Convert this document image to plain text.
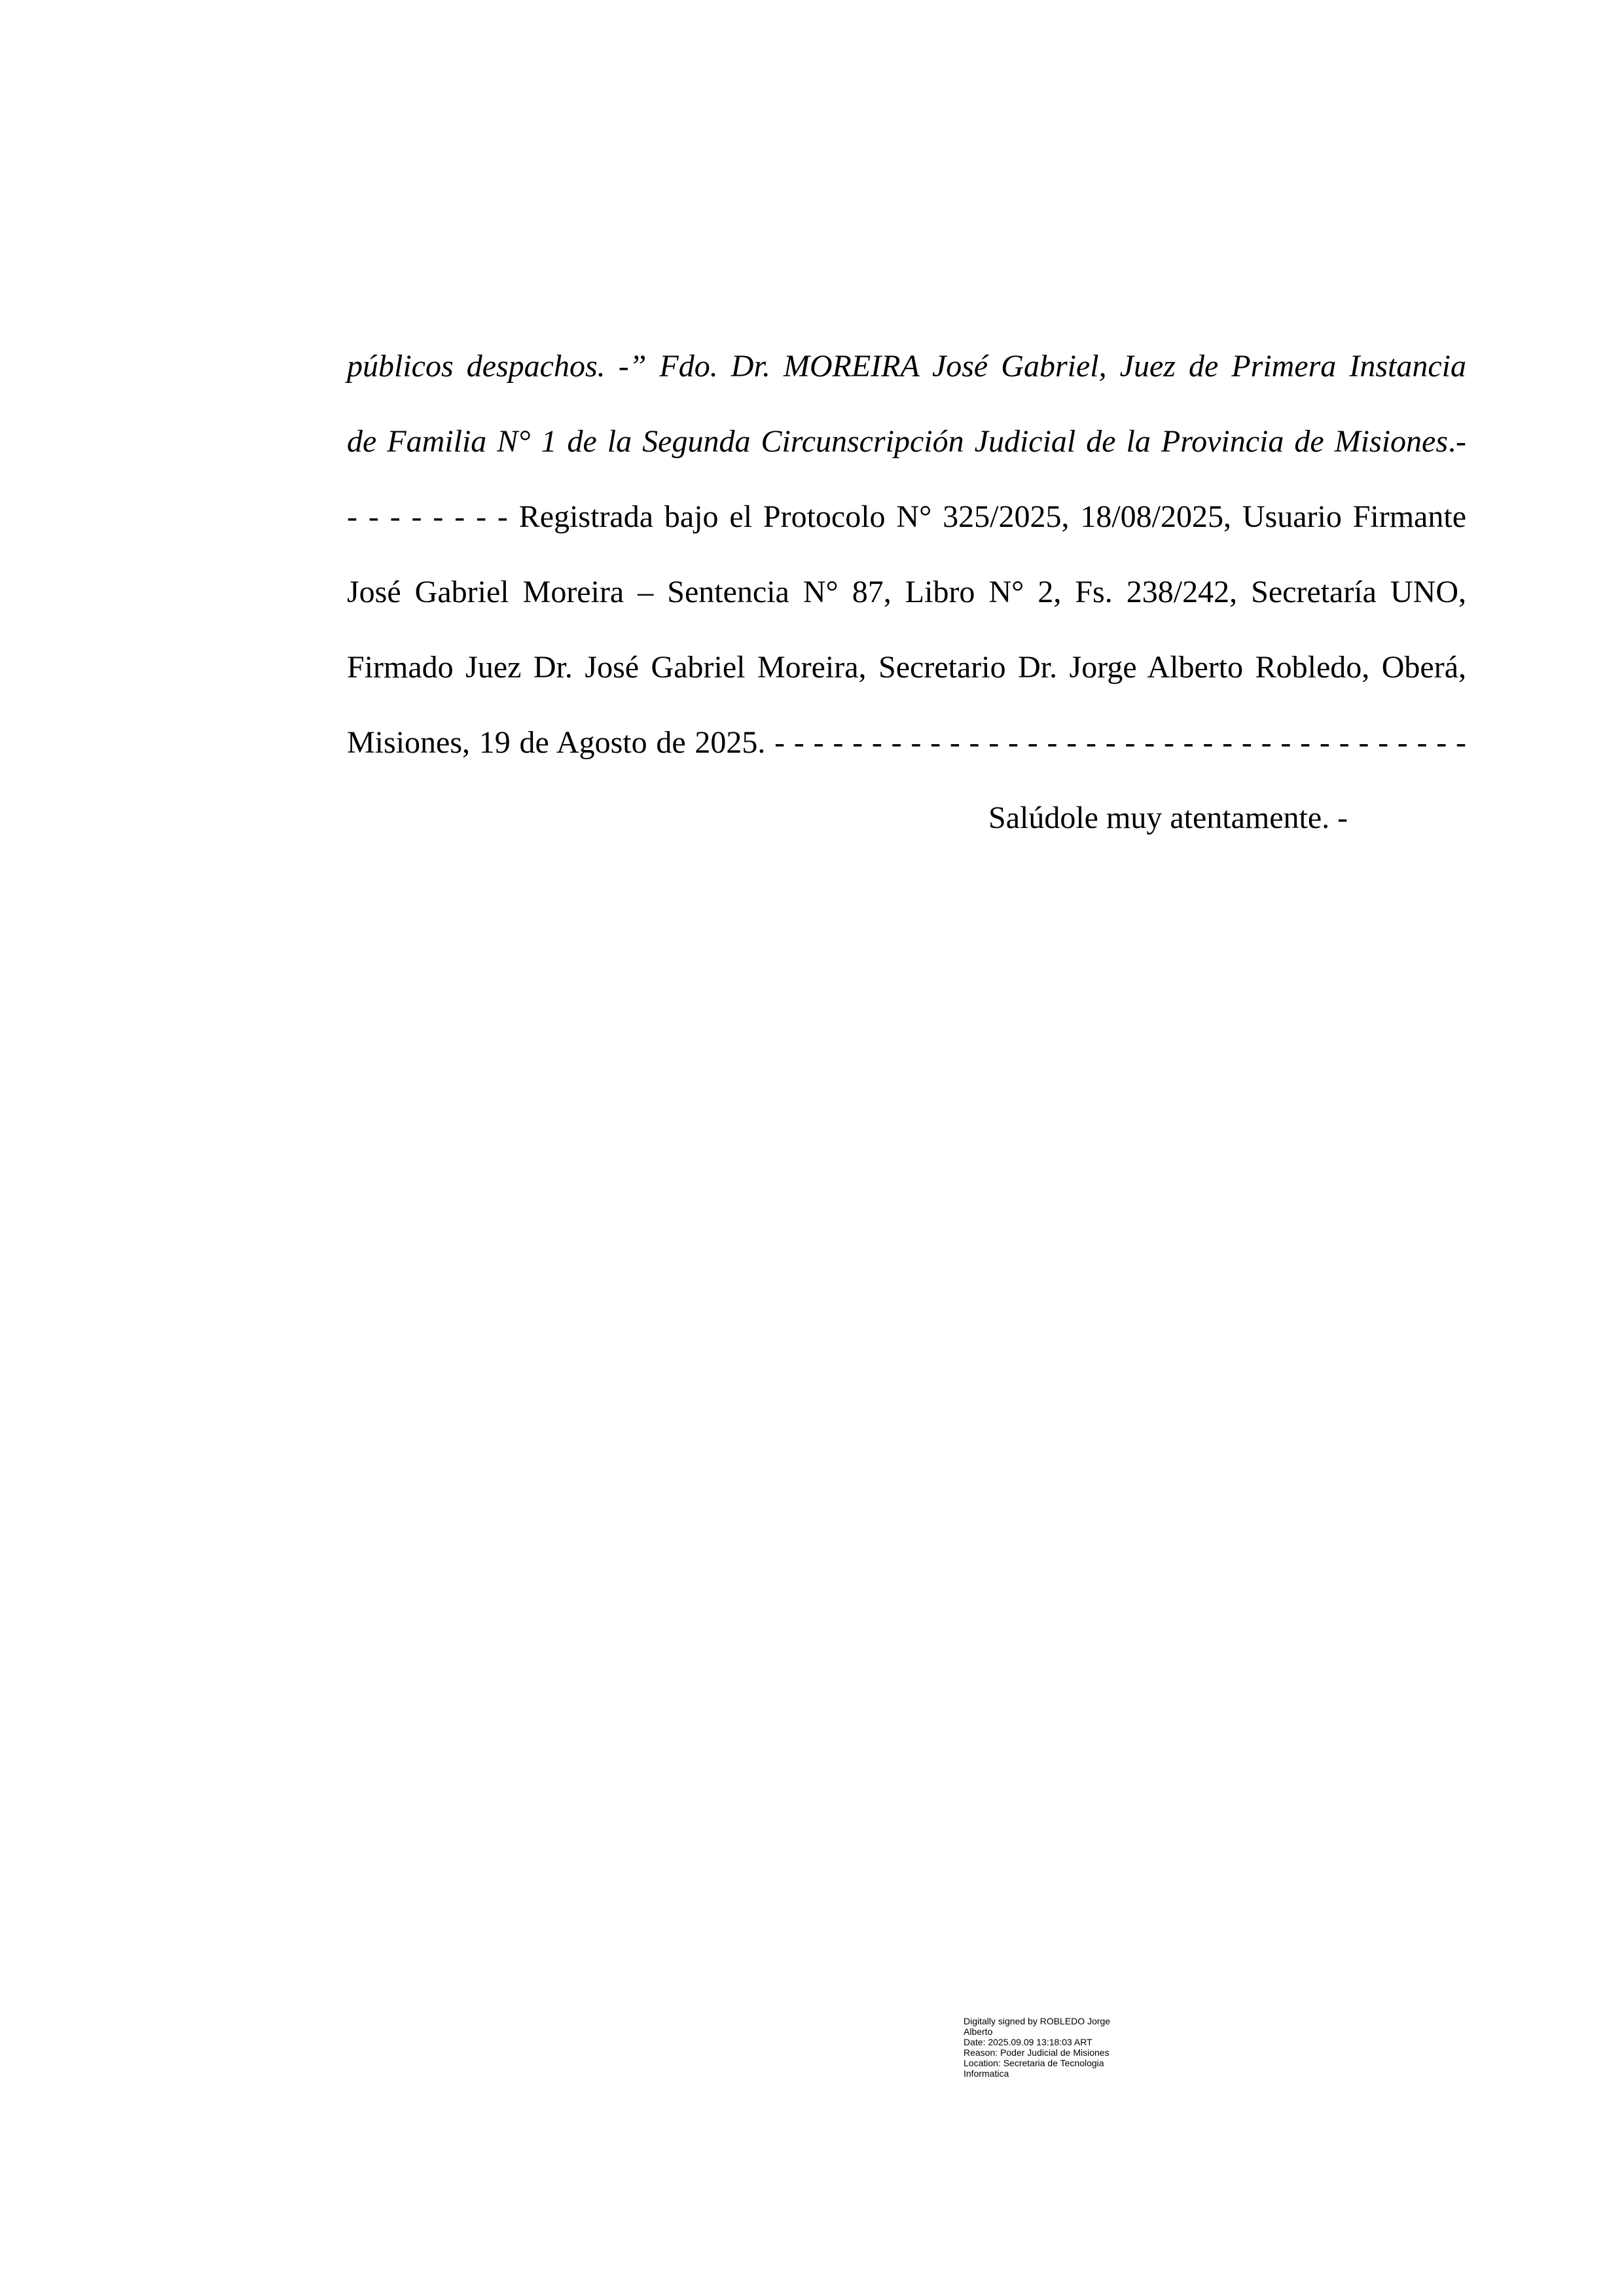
públicos despachos. -” Fdo. Dr. MOREIRA José Gabriel, Juez de Primera Instancia
de Familia N° 1 de la Segunda Circunscripción Judicial de la Provincia de Misiones.-
- - - - - - - - Registrada bajo el Protocolo N° 325/2025, 18/08/2025, Usuario Firmante
José Gabriel Moreira – Sentencia N° 87, Libro N° 2, Fs. 238/242, Secretaría UNO,
Firmado Juez Dr. José Gabriel Moreira, Secretario Dr. Jorge Alberto Robledo, Oberá,
Misiones, 19 de Agosto de 2025. - - - - - - - - - - - - - - - - - - - - - - - - - - - - - - - - - - - -
Salúdole muy atentamente. -
Digitally signed by ROBLEDO Jorge
Alberto
Date: 2025.09.09 13:18:03 ART
Reason: Poder Judicial de Misiones
Location: Secretaria de Tecnologia
Informatica
